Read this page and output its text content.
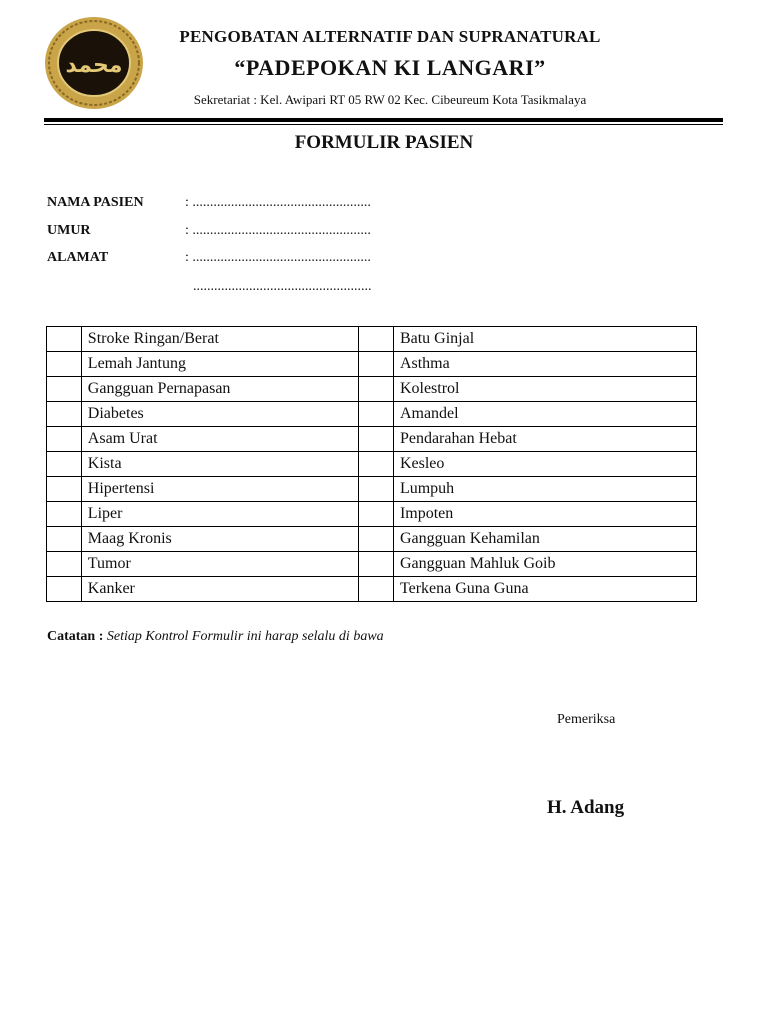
محمد
PENGOBATAN ALTERNATIF DAN SUPRANATURAL
“PADEPOKAN KI LANGARI”
Sekretariat : Kel. Awipari RT 05 RW 02 Kec. Cibeureum Kota Tasikmalaya
FORMULIR PASIEN
NAMA PASIEN	: ...................................................
UMUR	: ...................................................
ALAMAT	: ...................................................
...................................................
	Stroke Ringan/Berat		Batu Ginjal
	Lemah Jantung		Asthma
	Gangguan Pernapasan		Kolestrol
	Diabetes		Amandel
	Asam Urat		Pendarahan Hebat
	Kista		Kesleo
	Hipertensi		Lumpuh
	Liper		Impoten
	Maag Kronis		Gangguan Kehamilan
	Tumor		Gangguan Mahluk Goib
	Kanker		Terkena Guna Guna
Catatan : Setiap Kontrol Formulir ini harap selalu di bawa
Pemeriksa
H. Adang
